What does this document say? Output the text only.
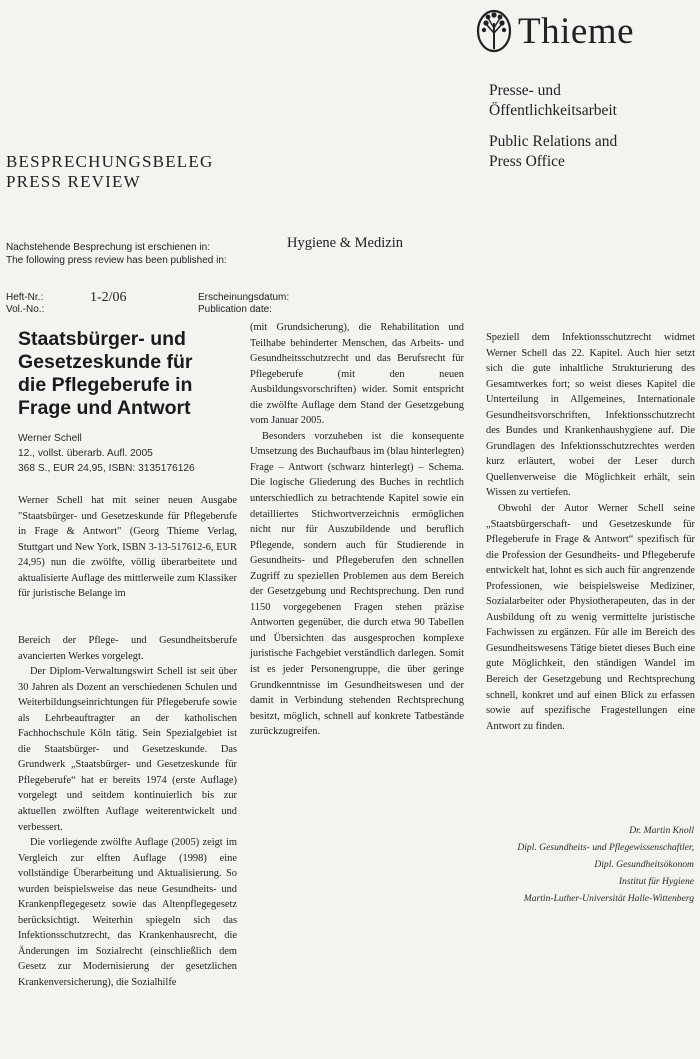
Thieme
Presse- und
Öffentlichkeitsarbeit
Public Relations and
Press Office
BESPRECHUNGSBELEG
PRESS REVIEW
Nachstehende Besprechung ist erschienen in:
The following press review has been published in:
Hygiene & Medizin
Heft-Nr.:
Vol.-No.:
1-2/06	Erscheinungsdatum:
Publication date:
Staatsbürger- und
Gesetzeskunde für
die Pflegeberufe in
Frage und Antwort
Werner Schell
12., vollst. überarb. Aufl. 2005
368 S., EUR 24,95, ISBN: 3135176126

Werner Schell hat mit seiner neuen Ausgabe "Staatsbürger- und Gesetzeskunde für Pflegeberufe in Frage & Antwort" (Georg Thieme Verlag, Stuttgart und New York, ISBN 3-13-517612-6, EUR 24,95) nun die zwölfte, völlig überarbeitete und aktualisierte Auflage des mittlerweile zum Klassiker für juristische Belange im

Bereich der Pflege- und Gesundheitsberufe avancierten Werkes vorgelegt.

Der Diplom-Verwaltungswirt Schell ist seit über 30 Jahren als Dozent an verschiedenen Schulen und Weiterbildungseinrichtungen für Pflegeberufe sowie als Lehrbeauftragter an der katholischen Fachhochschule Köln tätig. Sein Spezialgebiet ist die Staatsbürger- und Gesetzeskunde. Das Grundwerk „Staatsbürger- und Gesetzeskunde für Pflegeberufe“ hat er bereits 1974 (erste Auflage) vorgelegt und seitdem kontinuierlich bis zur aktuellen zwölften Auflage weiterentwickelt und verbessert.

Die vorliegende zwölfte Auflage (2005) zeigt im Vergleich zur elften Auflage (1998) eine vollständige Überarbeitung und Aktualisierung. So wurden beispielsweise das neue Gesundheits- und Krankenpflegegesetz sowie das Altenpflegegesetz berücksichtigt. Weiterhin spiegeln sich das Infektionsschutzrecht, das Krankenhausrecht, die Änderungen im Sozialrecht (einschließlich dem Gesetz zur Modernisierung der gesetzlichen Krankenversicherung), die Sozialhilfe

(mit Grundsicherung), die Rehabilitation und Teilhabe behinderter Menschen, das Arbeits- und Gesundheitsschutzrecht und das Berufsrecht für Pflegeberufe (mit den neuen Ausbildungsvorschriften) wider. Somit entspricht die zwölfte Auflage dem Stand der Gesetzgebung vom Januar 2005.

Besonders vorzuheben ist die konsequente Umsetzung des Buchaufbaus im (blau hinterlegten) Frage – Antwort (schwarz hinterlegt) – Schema. Die logische Gliederung des Buches in rechtlich unterschiedlich zu betrachtende Kapitel sowie ein detailliertes Stichwortverzeichnis ermöglichen nicht nur für Auszubildende und beruflich Pflegende, sondern auch für Studierende in Gesundheits- und Pflegeberufen den schnellen Zugriff zu speziellen Problemen aus dem Bereich der Gesetzgebung und Rechtsprechung. Den rund 1150 vorgegebenen Fragen stehen präzise Antworten gegenüber, die durch etwa 90 Tabellen und Übersichten das ausgesprochen komplexe juristische Fachgebiet verständlich darlegen. Somit ist es jeder Personengruppe, die über geringe Grundkenntnisse im Gesundheitswesen und der damit in Verbindung stehenden Rechtsprechung besitzt, möglich, schnell auf konkrete Tatbestände zurückzugreifen.

Speziell dem Infektionsschutzrecht widmet Werner Schell das 22. Kapitel. Auch hier setzt sich die gute inhaltliche Strukturierung des Gesamtwerkes fort; so weist dieses Kapitel die Unterteilung in Allgemeines, Internationale Gesundheitsvorschriften, Infektionsschutzrecht des Bundes und Krankenhaushygiene auf. Die Grundlagen des Infektionsschutzrechtes werden kurz erläutert, wobei der Leser durch Quellenverweise die Möglichkeit erhält, sein Wissen zu vertiefen.

Obwohl der Autor Werner Schell seine „Staatsbürgerschaft- und Gesetzeskunde für Pflegeberufe in Frage & Antwort“ spezifisch für die Profession der Gesundheits- und Pflegeberufe entwickelt hat, lohnt es sich auch für angrenzende Professionen, wie beispielsweise Mediziner, Sozialarbeiter oder Physiotherapeuten, das in der Ausbildung oft zu wenig vermittelte juristische Fachwissen zu ergänzen. Für alle im Bereich des Gesundheitswesens Tätige bietet dieses Buch eine gute Möglichkeit, den ständigen Wandel im Bereich der Gesetzgebung und Rechtsprechung schnell, konkret und auf einen Blick zu erfassen sowie auf spezifische Fragestellungen eine Antwort zu finden.

Dr. Martin Knoll
Dipl. Gesundheits- und Pflegewissenschaftler,
Dipl. Gesundheitsökonom
Institut für Hygiene
Martin-Luther-Universität Halle-Wittenberg
